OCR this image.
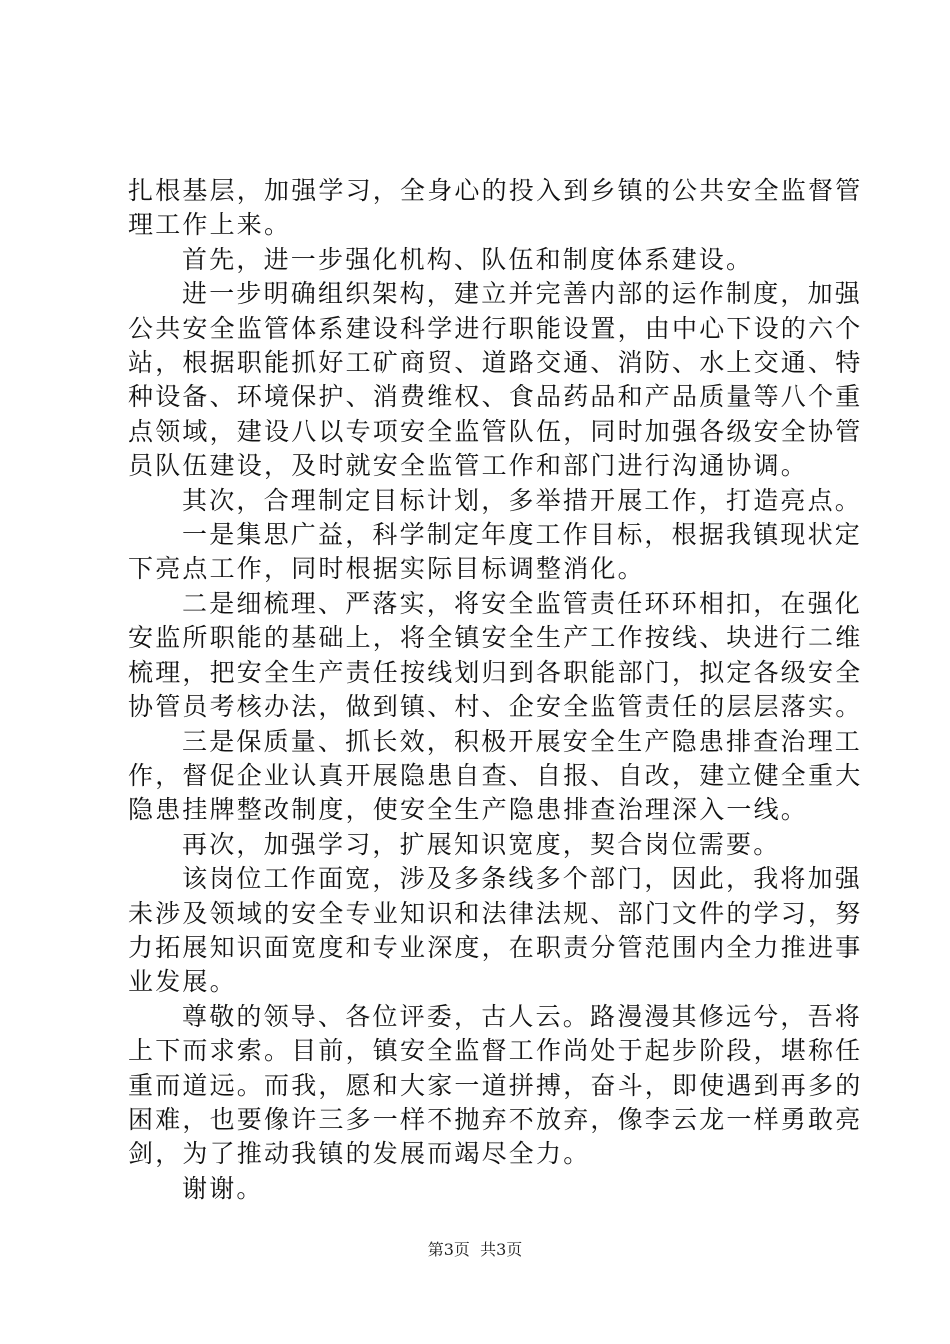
扎根基层，加强学习，全身心的投入到乡镇的公共安全监督管
理工作上来。
首先，进一步强化机构、队伍和制度体系建设。
进一步明确组织架构，建立并完善内部的运作制度，加强
公共安全监管体系建设科学进行职能设置，由中心下设的六个
站，根据职能抓好工矿商贸、道路交通、消防、水上交通、特
种设备、环境保护、消费维权、食品药品和产品质量等八个重
点领域，建设八以专项安全监管队伍，同时加强各级安全协管
员队伍建设，及时就安全监管工作和部门进行沟通协调。
其次，合理制定目标计划，多举措开展工作，打造亮点。
一是集思广益，科学制定年度工作目标，根据我镇现状定
下亮点工作，同时根据实际目标调整消化。
二是细梳理、严落实，将安全监管责任环环相扣，在强化
安监所职能的基础上，将全镇安全生产工作按线、块进行二维
梳理，把安全生产责任按线划归到各职能部门，拟定各级安全
协管员考核办法，做到镇、村、企安全监管责任的层层落实。
三是保质量、抓长效，积极开展安全生产隐患排查治理工
作，督促企业认真开展隐患自查、自报、自改，建立健全重大
隐患挂牌整改制度，使安全生产隐患排查治理深入一线。
再次，加强学习，扩展知识宽度，契合岗位需要。
该岗位工作面宽，涉及多条线多个部门，因此，我将加强
未涉及领域的安全专业知识和法律法规、部门文件的学习，努
力拓展知识面宽度和专业深度，在职责分管范围内全力推进事
业发展。
尊敬的领导、各位评委，古人云。路漫漫其修远兮，吾将
上下而求索。目前，镇安全监督工作尚处于起步阶段，堪称任
重而道远。而我，愿和大家一道拼搏，奋斗，即使遇到再多的
困难，也要像许三多一样不抛弃不放弃，像李云龙一样勇敢亮
剑，为了推动我镇的发展而竭尽全力。
谢谢。
第3页  共3页
